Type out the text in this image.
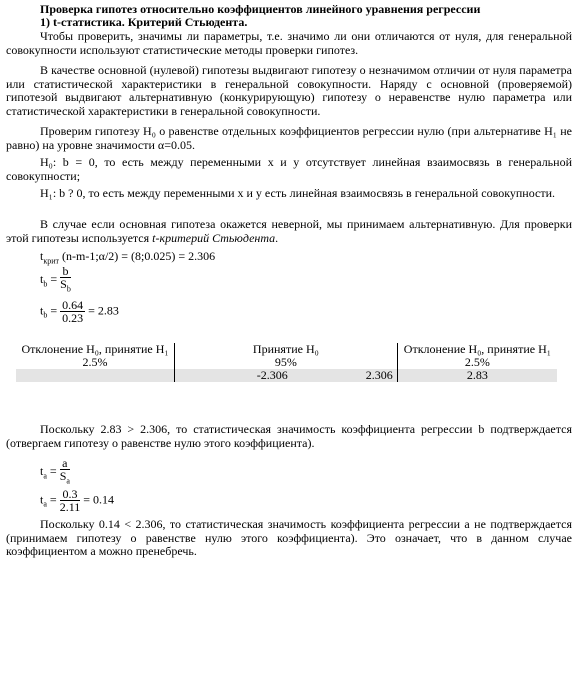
Проверка гипотез относительно коэффициентов линейного уравнения регрессии
1) t-статистика. Критерий Стьюдента.
Чтобы проверить, значимы ли параметры, т.е. значимо ли они отличаются от нуля, для генеральной совокупности используют статистические методы проверки гипотез.
В качестве основной (нулевой) гипотезы выдвигают гипотезу о незначимом отличии от нуля параметра или статистической характеристики в генеральной совокупности. Наряду с основной (проверяемой) гипотезой выдвигают альтернативную (конкурирующую) гипотезу о неравенстве нулю параметра или статистической характеристики в генеральной совокупности.
Проверим гипотезу H₀ о равенстве отдельных коэффициентов регрессии нулю (при альтернативе H₁ не равно) на уровне значимости α=0.05.
H₀: b = 0, то есть между переменными x и y отсутствует линейная взаимосвязь в генеральной совокупности;
H₁: b ? 0, то есть между переменными x и y есть линейная взаимосвязь в генеральной совокупности.
В случае если основная гипотеза окажется неверной, мы принимаем альтернативную. Для проверки этой гипотезы используется t-критерий Стьюдента.
$t_{крит}$ (n-m-1;α/2) = (8;0.025) = 2.306
$t_b = \frac{b}{S_b}$
$t_b = \frac{0.64}{0.23} = 2.83$
Отклонение H₀, принятие H₁	Принятие H₀		Отклонение H₀, принятие H₁
2.5%	95%		2.5%
	-2.306	2.306	2.83
Поскольку 2.83 > 2.306, то статистическая значимость коэффициента регрессии b подтверждается (отвергаем гипотезу о равенстве нулю этого коэффициента).
$t_a = \frac{a}{S_a}$
$t_a = \frac{0.3}{2.11} = 0.14$
Поскольку 0.14 < 2.306, то статистическая значимость коэффициента регрессии a не подтверждается (принимаем гипотезу о равенстве нулю этого коэффициента). Это означает, что в данном случае коэффициентом a можно пренебречь.
